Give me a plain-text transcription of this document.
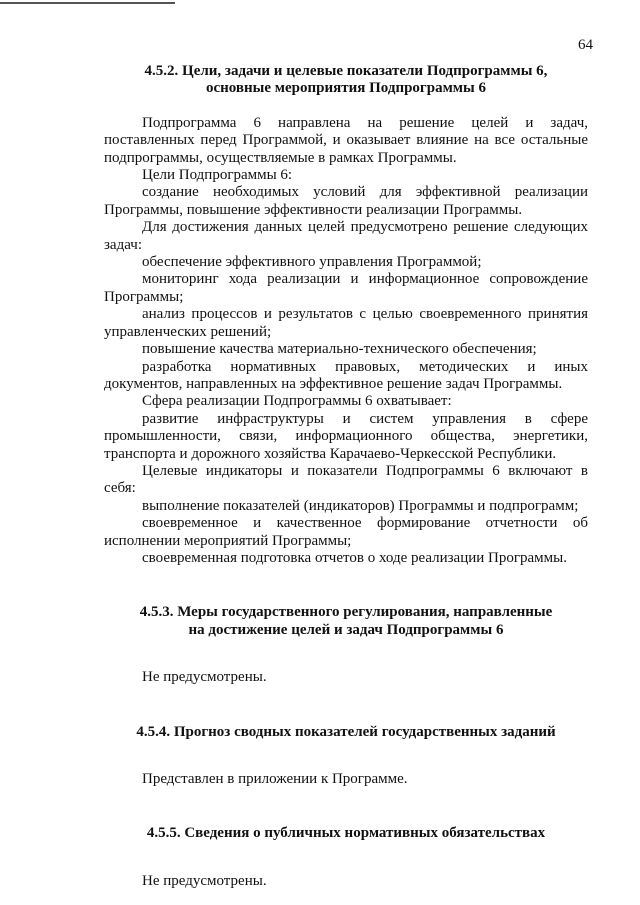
64
4.5.2. Цели, задачи и целевые показатели Подпрограммы 6,
основные мероприятия Подпрограммы 6

Подпрограмма 6 направлена на решение целей и задач, поставленных перед Программой, и оказывает влияние на все остальные подпрограммы, осуществляемые в рамках Программы.

Цели Подпрограммы 6:

создание необходимых условий для эффективной реализации Программы, повышение эффективности реализации Программы.

Для достижения данных целей предусмотрено решение следующих задач:

обеспечение эффективного управления Программой;

мониторинг хода реализации и информационное сопровождение Программы;

анализ процессов и результатов с целью своевременного принятия управленческих решений;

повышение качества материально-технического обеспечения;

разработка нормативных правовых, методических и иных документов, направленных на эффективное решение задач Программы.

Сфера реализации Подпрограммы 6 охватывает:

развитие инфраструктуры и систем управления в сфере промышленности, связи, информационного общества, энергетики, транспорта и дорожного хозяйства Карачаево-Черкесской Республики.

Целевые индикаторы и показатели Подпрограммы 6 включают в себя:

выполнение показателей (индикаторов) Программы и подпрограмм;

своевременное и качественное формирование отчетности об исполнении мероприятий Программы;

своевременная подготовка отчетов о ходе реализации Программы.

4.5.3. Меры государственного регулирования, направленные
на достижение целей и задач Подпрограммы 6

Не предусмотрены.

4.5.4. Прогноз сводных показателей государственных заданий

Представлен в приложении к Программе.

4.5.5. Сведения о публичных нормативных обязательствах

Не предусмотрены.
